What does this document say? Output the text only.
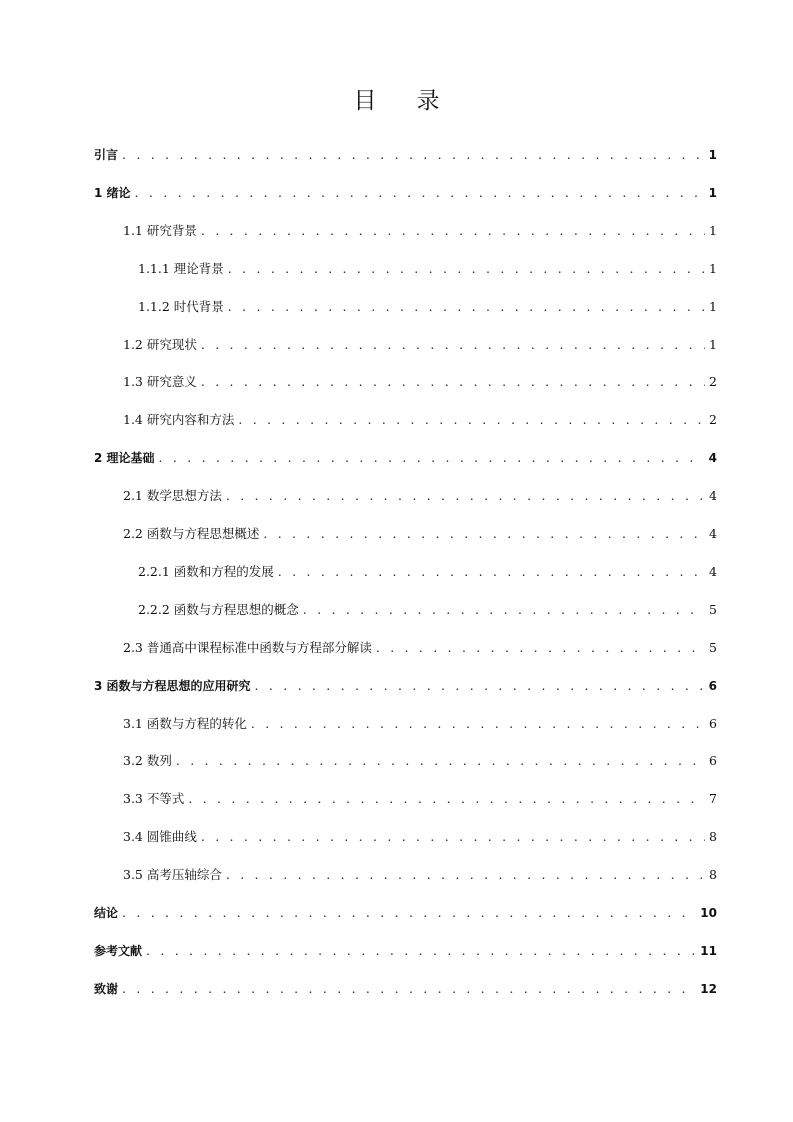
目录
引言 . . .	1
1 绪论 . . .	1
1.1 研究背景 . . .	1
1.1.1 理论背景 . . .	1
1.1.2 时代背景 . . .	1
1.2 研究现状 . . .	1
1.3 研究意义 . . .	2
1.4 研究内容和方法 . . .	2
2 理论基础 . . .	4
2.1 数学思想方法 . . .	4
2.2 函数与方程思想概述 . . .	4
2.2.1 函数和方程的发展 . . .	4
2.2.2 函数与方程思想的概念 . . .	5
2.3 普通高中课程标准中函数与方程部分解读 . . .	5
3 函数与方程思想的应用研究 . . .	6
3.1 函数与方程的转化 . . .	6
3.2 数列 . . .	6
3.3 不等式 . . .	7
3.4 圆锥曲线 . . .	8
3.5 高考压轴综合 . . .	8
结论 . . .	10
参考文献 . . .	11
致谢 . . .	12
